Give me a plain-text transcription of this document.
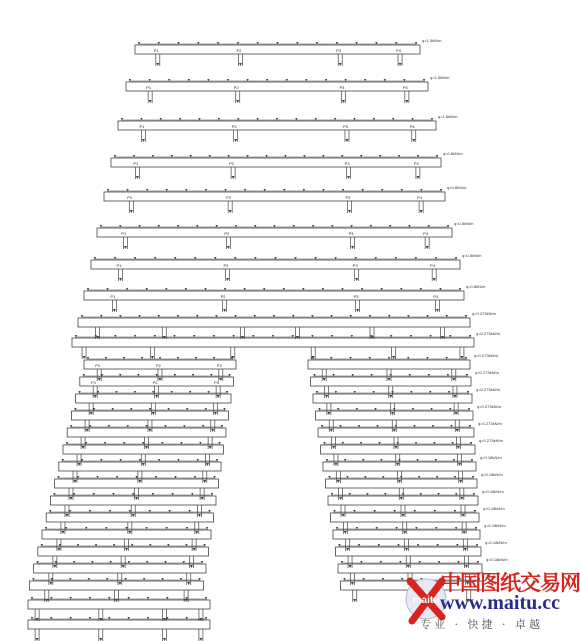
P1	P2	P3	P4
q=1.5kN/m
P1	P2	P3	P4
q=1.5kN/m
P1	P2	P3	P4
q=1.5kN/m
P1	P2	P3	P4
q=0.8kN/m
P1	P2	P3	P4
q=0.8kN/m
P1	P2	P3	P4
q=0.8kN/m
P1	P2	P3	P4
q=0.8kN/m
P1	P2	P3	P4
q=0.8kN/m
q=0.273kN/m
q=0.273kN/m
P1	P2	P3
q=0.273kN/m
P1	P2	P3
q=0.273kN/m
q=0.273kN/m
q=0.273kN/m
q=0.273kN/m
q=0.273kN/m
q=0.18kN/m
q=0.18kN/m
q=0.18kN/m
q=0.18kN/m
q=0.18kN/m
q=0.18kN/m
q=0.18kN/m
maitu
中国图纸交易网
www.maitu.cc
专业 · 快捷 · 卓越
